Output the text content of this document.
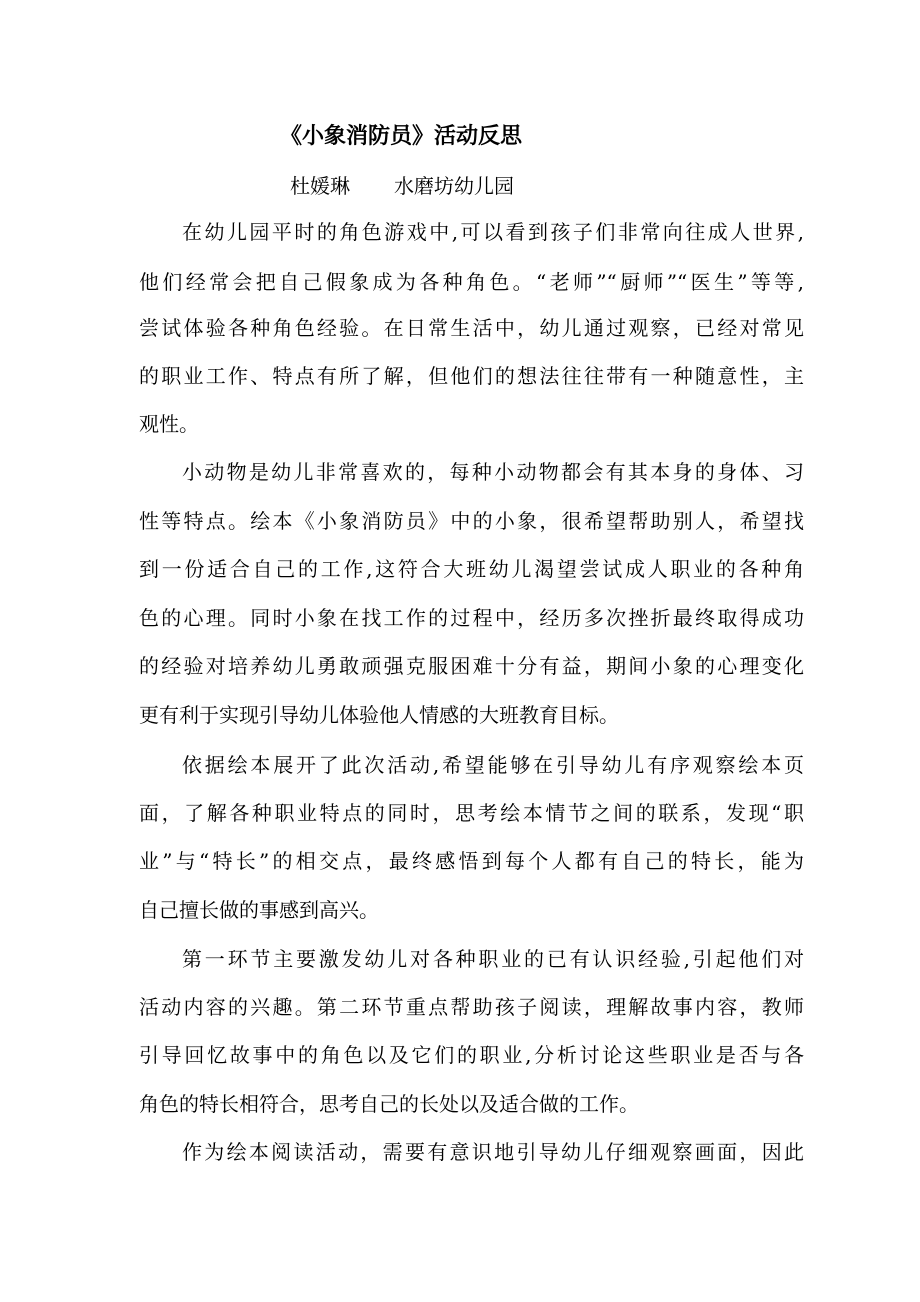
《小象消防员》活动反思
杜媛琳 水磨坊幼儿园
在幼儿园平时的角色游戏中,可以看到孩子们非常向往成人世界,
他们经常会把自己假象成为各种角色。“老师”“厨师”“医生”等等,
尝试体验各种角色经验。在日常生活中，幼儿通过观察，已经对常见
的职业工作、特点有所了解，但他们的想法往往带有一种随意性，主
观性。
小动物是幼儿非常喜欢的，每种小动物都会有其本身的身体、习
性等特点。绘本《小象消防员》中的小象，很希望帮助别人，希望找
到一份适合自己的工作,这符合大班幼儿渴望尝试成人职业的各种角
色的心理。同时小象在找工作的过程中，经历多次挫折最终取得成功
的经验对培养幼儿勇敢顽强克服困难十分有益，期间小象的心理变化
更有利于实现引导幼儿体验他人情感的大班教育目标。
依据绘本展开了此次活动,希望能够在引导幼儿有序观察绘本页
面，了解各种职业特点的同时，思考绘本情节之间的联系，发现“职
业”与“特长”的相交点，最终感悟到每个人都有自己的特长，能为
自己擅长做的事感到高兴。
第一环节主要激发幼儿对各种职业的已有认识经验,引起他们对
活动内容的兴趣。第二环节重点帮助孩子阅读，理解故事内容，教师
引导回忆故事中的角色以及它们的职业,分析讨论这些职业是否与各
角色的特长相符合，思考自己的长处以及适合做的工作。
作为绘本阅读活动，需要有意识地引导幼儿仔细观察画面，因此
